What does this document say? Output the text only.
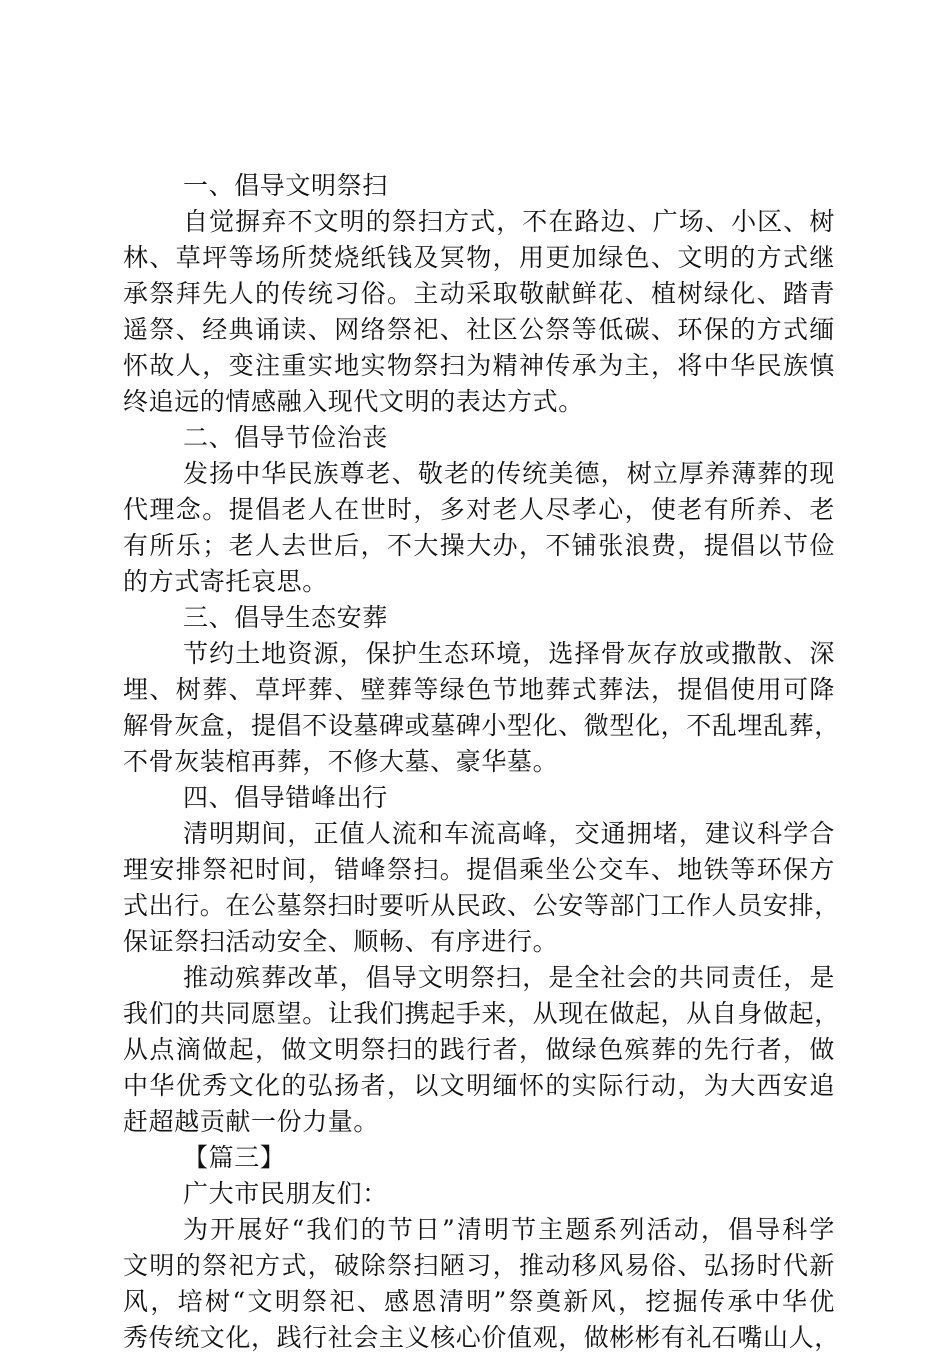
一、倡导文明祭扫
自觉摒弃不文明的祭扫方式，不在路边、广场、小区、树
林、草坪等场所焚烧纸钱及冥物，用更加绿色、文明的方式继
承祭拜先人的传统习俗。主动采取敬献鲜花、植树绿化、踏青
遥祭、经典诵读、网络祭祀、社区公祭等低碳、环保的方式缅
怀故人，变注重实地实物祭扫为精神传承为主，将中华民族慎
终追远的情感融入现代文明的表达方式。
二、倡导节俭治丧
发扬中华民族尊老、敬老的传统美德，树立厚养薄葬的现
代理念。提倡老人在世时，多对老人尽孝心，使老有所养、老
有所乐；老人去世后，不大操大办，不铺张浪费，提倡以节俭
的方式寄托哀思。
三、倡导生态安葬
节约土地资源，保护生态环境，选择骨灰存放或撒散、深
埋、树葬、草坪葬、壁葬等绿色节地葬式葬法，提倡使用可降
解骨灰盒，提倡不设墓碑或墓碑小型化、微型化，不乱埋乱葬，
不骨灰装棺再葬，不修大墓、豪华墓。
四、倡导错峰出行
清明期间，正值人流和车流高峰，交通拥堵，建议科学合
理安排祭祀时间，错峰祭扫。提倡乘坐公交车、地铁等环保方
式出行。在公墓祭扫时要听从民政、公安等部门工作人员安排，
保证祭扫活动安全、顺畅、有序进行。
推动殡葬改革，倡导文明祭扫，是全社会的共同责任，是
我们的共同愿望。让我们携起手来，从现在做起，从自身做起，
从点滴做起，做文明祭扫的践行者，做绿色殡葬的先行者，做
中华优秀文化的弘扬者，以文明缅怀的实际行动，为大西安追
赶超越贡献一份力量。
【篇三】
广大市民朋友们：
为开展好“我们的节日”清明节主题系列活动，倡导科学
文明的祭祀方式，破除祭扫陋习，推动移风易俗、弘扬时代新
风，培树“文明祭祀、感恩清明”祭奠新风，挖掘传承中华优
秀传统文化，践行社会主义核心价值观，做彬彬有礼石嘴山人，
